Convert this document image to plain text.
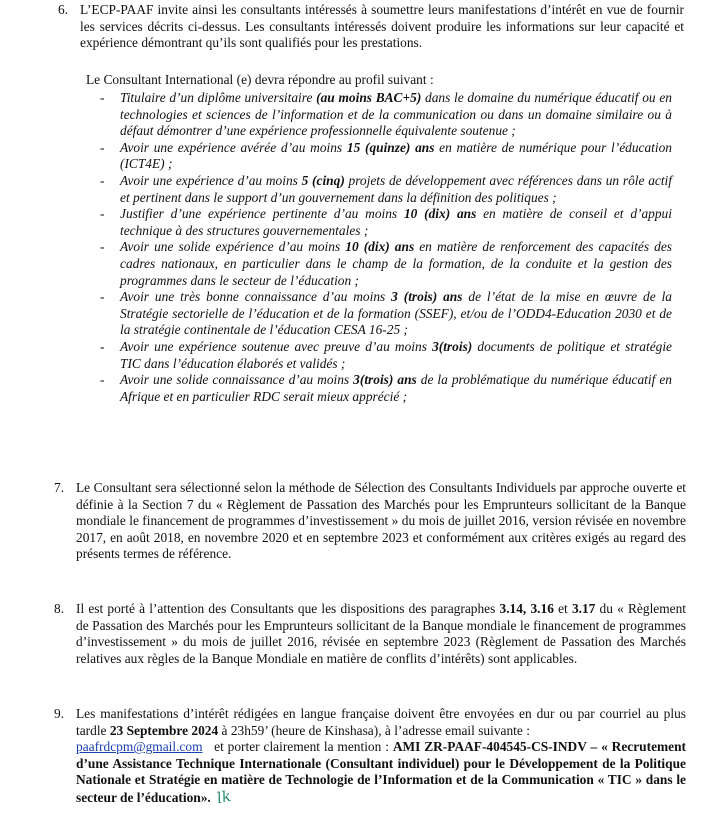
6. L’ECP-PAAF invite ainsi les consultants intéressés à soumettre leurs manifestations d’intérêt en vue de fournir les services décrits ci-dessus. Les consultants intéressés doivent produire les informations sur leur capacité et expérience démontrant qu’ils sont qualifiés pour les prestations.
Le Consultant International (e) devra répondre au profil suivant :
- Titulaire d’un diplôme universitaire (au moins BAC+5) dans le domaine du numérique éducatif ou en technologies et sciences de l’information et de la communication ou dans un domaine similaire ou à défaut démontrer d’une expérience professionnelle équivalente soutenue ;
- Avoir une expérience avérée d’au moins 15 (quinze) ans en matière de numérique pour l’éducation (ICT4E) ;
- Avoir une expérience d’au moins 5 (cinq) projets de développement avec références dans un rôle actif et pertinent dans le support d’un gouvernement dans la définition des politiques ;
- Justifier d’une expérience pertinente d’au moins 10 (dix) ans en matière de conseil et d’appui technique à des structures gouvernementales ;
- Avoir une solide expérience d’au moins 10 (dix) ans en matière de renforcement des capacités des cadres nationaux, en particulier dans le champ de la formation, de la conduite et la gestion des programmes dans le secteur de l’éducation ;
- Avoir une très bonne connaissance d’au moins 3 (trois) ans de l’état de la mise en œuvre de la Stratégie sectorielle de l’éducation et de la formation (SSEF), et/ou de l’ODD4-Education 2030 et de la stratégie continentale de l’éducation CESA 16-25 ;
- Avoir une expérience soutenue avec preuve d’au moins 3(trois) documents de politique et stratégie TIC dans l’éducation élaborés et validés ;
- Avoir une solide connaissance d’au moins 3(trois) ans de la problématique du numérique éducatif en Afrique et en particulier RDC serait mieux apprécié ;
7. Le Consultant sera sélectionné selon la méthode de Sélection des Consultants Individuels par approche ouverte et définie à la Section 7 du « Règlement de Passation des Marchés pour les Emprunteurs sollicitant de la Banque mondiale le financement de programmes d’investissement » du mois de juillet 2016, version révisée en novembre 2017, en août 2018, en novembre 2020 et en septembre 2023 et conformément aux critères exigés au regard des présents termes de référence.
8. Il est porté à l’attention des Consultants que les dispositions des paragraphes 3.14, 3.16 et 3.17 du « Règlement de Passation des Marchés pour les Emprunteurs sollicitant de la Banque mondiale le financement de programmes d’investissement » du mois de juillet 2016, révisée en septembre 2023 (Règlement de Passation des Marchés relatives aux règles de la Banque Mondiale en matière de conflits d’intérêts) sont applicables.
9. Les manifestations d’intérêt rédigées en langue française doivent être envoyées en dur ou par courriel au plus tardle 23 Septembre 2024 à 23h59’ (heure de Kinshasa), à l’adresse email suivante :
paafrdcpm@gmail.com et porter clairement la mention : AMI ZR-PAAF-404545-CS-INDV – « Recrutement d’une Assistance Technique Internationale (Consultant individuel) pour le Développement de la Politique Nationale et Stratégie en matière de Technologie de l’Information et de la Communication « TIC » dans le secteur de l’éducation». lk
